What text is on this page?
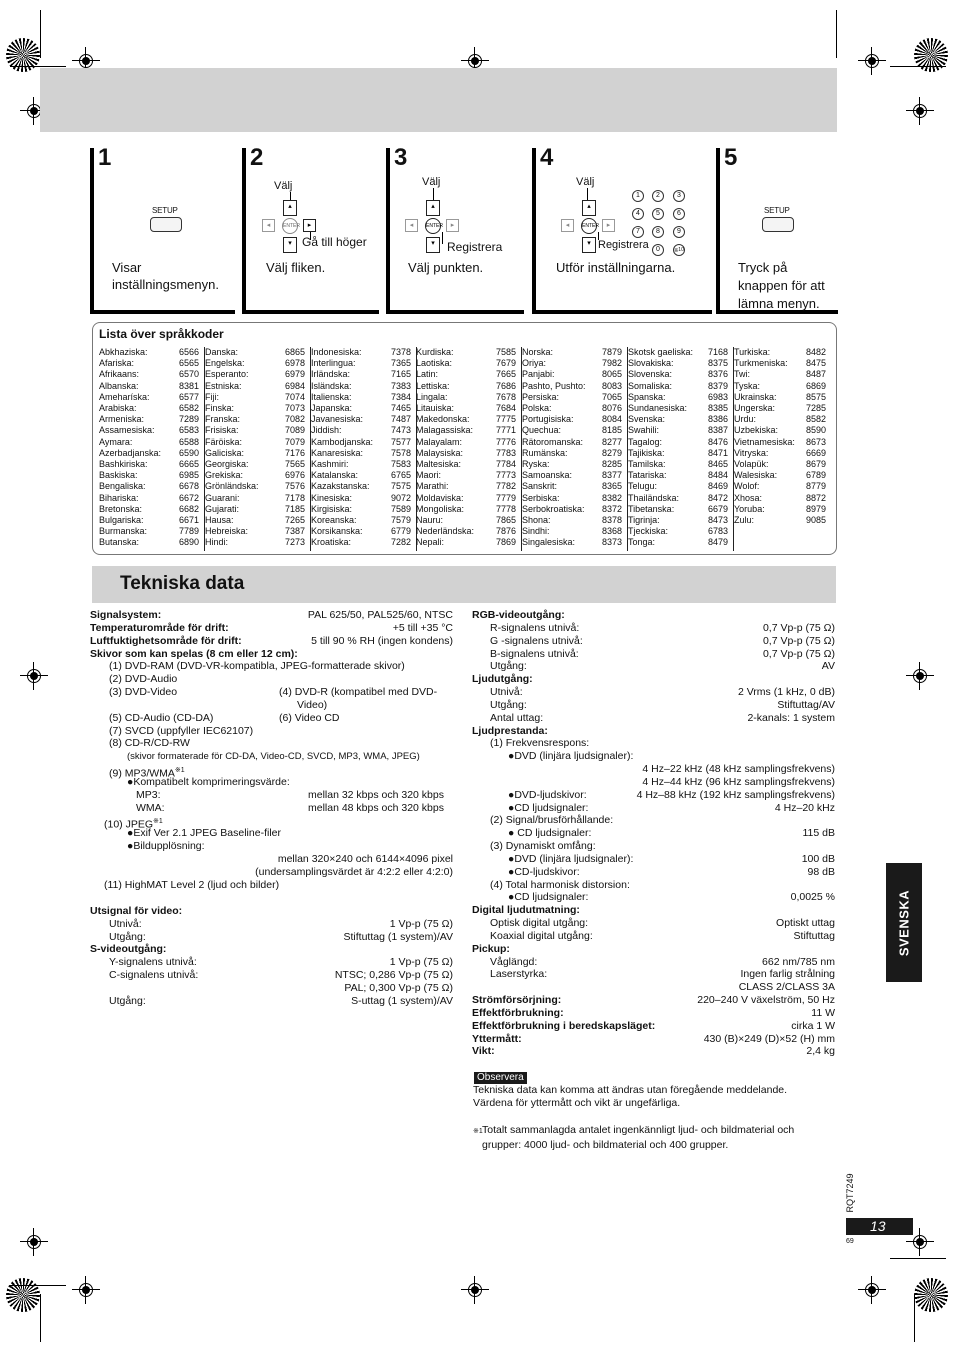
1
SETUP
Visar inställningsmenyn.
2
Välj
▴
◂	ENTER	▸
▾ Gå till höger
Välj fliken.
3
Välj
▴
◂	ENTER	▸
▾	Registrera
Välj punkten.
4
Välj
▴
◂	ENTER	▸
▾ Registrera
1	2	3
4	5	6
7	8	9
0	≧10
Utför inställningarna.
5
SETUP
Tryck på
knappen för att
lämna menyn.
Lista över språkkoder
Abkhaziska:	6566
Afariska:	6565
Afrikaans:	6570
Albanska:	8381
Ameharíska:	6577
Arabiska:	6582
Armeniska:	7289
Assamesiska:	6583
Aymara:	6588
Azerbadjanska: 6590
Bashkiriska:	6665
Baskiska:	6985
Bengaliska:	6678
Bihariska:	6672
Bretonska:	6682
Bulgariska:	6671
Burmanska:	7789
Butanska:	6890
Danska:	6865
Engelska:	6978
Esperanto:	6979
Estniska:	6984
Fiji:	7074
Finska:	7073
Franska:	7082
Frisiska:	7089
Färöiska:	7079
Galiciska:	7176
Georgiska:	7565
Grekiska:	6976
Grönländska:	7576
Guarani:	7178
Gujarati:	7185
Hausa:	7265
Hebreiska:	7387
Hindi:	7273
Indonesiska:	7378
Interlingua:	7365
Irländska:	7165
Isländska:	7383
Italienska:	7384
Japanska:	7465
Javanesiska:	7487
Jiddish:	7473
Kambodjanska: 7577
Kanaresiska:	7578
Kashmiri:	7583
Katalanska:	6765
Kazakstanska: 7575
Kinesiska:	9072
Kirgisiska:	7589
Koreanska:	7579
Korsikanska:	6779
Kroatiska:	7282
Kurdiska:	7585
Laotiska:	7679
Latin:	7665
Lettiska:	7686
Lingala:	7678
Litauiska:	7684
Makedonska:	7775
Malagassiska:	7771
Malayalam:	7776
Malaysiska:	7783
Maltesiska:	7784
Maori:	7773
Marathi:	7782
Moldaviska:	7779
Mongoliska:	7778
Nauru:	7865
Nederländska: 7876
Nepali:	7869
Norska:	7879
Oriya:	7982
Panjabi:	8065
Pashto, Pushto: 8083
Persiska:	7065
Polska:	8076
Portugisiska:	8084
Quechua:	8185
Rätoromanska: 8277
Rumänska:	8279
Ryska:	8285
Samoanska:	8377
Sanskrit:	8365
Serbiska:	8382
Serbokroatiska: 8372
Shona:	8378
Sindhi:	8368
Singalesiska:	8373
Skotsk gaeliska: 7168
Slovakiska:	8375
Slovenska:	8376
Somaliska:	8379
Spanska:	6983
Sundanesiska: 8385
Svenska:	8386
Swahili:	8387
Tagalog:	8476
Tajikiska:	8471
Tamilska:	8465
Tatariska:	8484
Telugu:	8469
Thailändska:	8472
Tibetanska:	6679
Tigrinja:	8473
Tjeckiska:	6783
Tonga:	8479
Turkiska:	8482
Turkmeniska: 8475
Twi:	8487
Tyska:	6869
Ukrainska:	8575
Ungerska:	7285
Urdu:	8582
Uzbekiska:	8590
Vietnamesiska: 8673
Vitryska:	6669
Volapük:	8679
Walesiska:	6789
Wolof:	8779
Xhosa:	8872
Yoruba:	8979
Zulu:	9085
Tekniska data
Signalsystem:	PAL 625/50, PAL525/60, NTSC
Temperaturområde för drift:	+5 till +35 °C
Luftfuktighetsområde för drift:	5 till 90 % RH (ingen kondens)
Skivor som kan spelas (8 cm eller 12 cm):
(1) DVD-RAM (DVD-VR-kompatibla, JPEG-formatterade skivor)
(2) DVD-Audio
(3) DVD-Video	(4) DVD-R (kompatibel med DVD-
Video)
(5) CD-Audio (CD-DA)	(6) Video CD
(7) SVCD (uppfyller IEC62107)
(8) CD-R/CD-RW
(skivor formaterade för CD-DA, Video-CD, SVCD, MP3, WMA, JPEG)
(9) MP3/WMA$^{※1}$
●Kompatibelt komprimeringsvärde:
MP3:	mellan 32 kbps och 320 kbps
WMA:	mellan 48 kbps och 320 kbps
(10) JPEG$^{※1}$
●Exif Ver 2.1 JPEG Baseline-filer
●Bildupplösning:
mellan 320×240 och 6144×4096 pixel
(undersamplingsvärdet är 4:2:2 eller 4:2:0)
(11) HighMAT Level 2 (ljud och bilder)
Utsignal för video:
Utnivå:	1 Vp-p (75 Ω)
Utgång:	Stiftuttag (1 system)/AV
S-videoutgång:
Y-signalens utnivå:	1 Vp-p (75 Ω)
C-signalens utnivå:	NTSC; 0,286 Vp-p (75 Ω)
PAL; 0,300 Vp-p (75 Ω)
Utgång:	S-uttag (1 system)/AV
RGB-videoutgång:
R-signalens utnivå:	0,7 Vp-p (75 Ω)
G -signalens utnivå:	0,7 Vp-p (75 Ω)
B-signalens utnivå:	0,7 Vp-p (75 Ω)
Utgång:	AV
Ljudutgång:
Utnivå:	2 Vrms (1 kHz, 0 dB)
Utgång:	Stiftuttag/AV
Antal uttag:	2-kanals: 1 system
Ljudprestanda:
(1) Frekvensrespons:
●DVD (linjära ljudsignaler):
4 Hz–22 kHz (48 kHz samplingsfrekvens)
4 Hz–44 kHz (96 kHz samplingsfrekvens)
●DVD-ljudskivor:	4 Hz–88 kHz (192 kHz samplingsfrekvens)
●CD ljudsignaler:	4 Hz–20 kHz
(2) Signal/brusförhållande:
● CD ljudsignaler:	115 dB
(3) Dynamiskt omfång:
●DVD (linjära ljudsignaler):	100 dB
●CD-ljudskivor:	98 dB
(4) Total harmonisk distorsion:
●CD ljudsignaler:	0,0025 %
Digital ljudutmatning:
Optisk digital utgång:	Optiskt uttag
Koaxial digital utgång:	Stiftuttag
Pickup:
Våglängd:	662 nm/785 nm
Laserstyrka:	Ingen farlig strålning
CLASS 2/CLASS 3A
Strömförsörjning:	220–240 V växelström, 50 Hz
Effektförbrukning:	11 W
Effektförbrukning i beredskapsläget:	cirka 1 W
Yttermått:	430 (B)×249 (D)×52 (H) mm
Vikt:	2,4 kg
Observera
Tekniska data kan komma att ändras utan föregående meddelande.
Värdena för yttermått och vikt är ungefärliga.
※1 Totalt sammanlagda antalet ingenkännligt ljud- och bildmaterial och
grupper: 4000 ljud- och bildmaterial och 400 grupper.
SVENSKA
RQT7249
13
69
